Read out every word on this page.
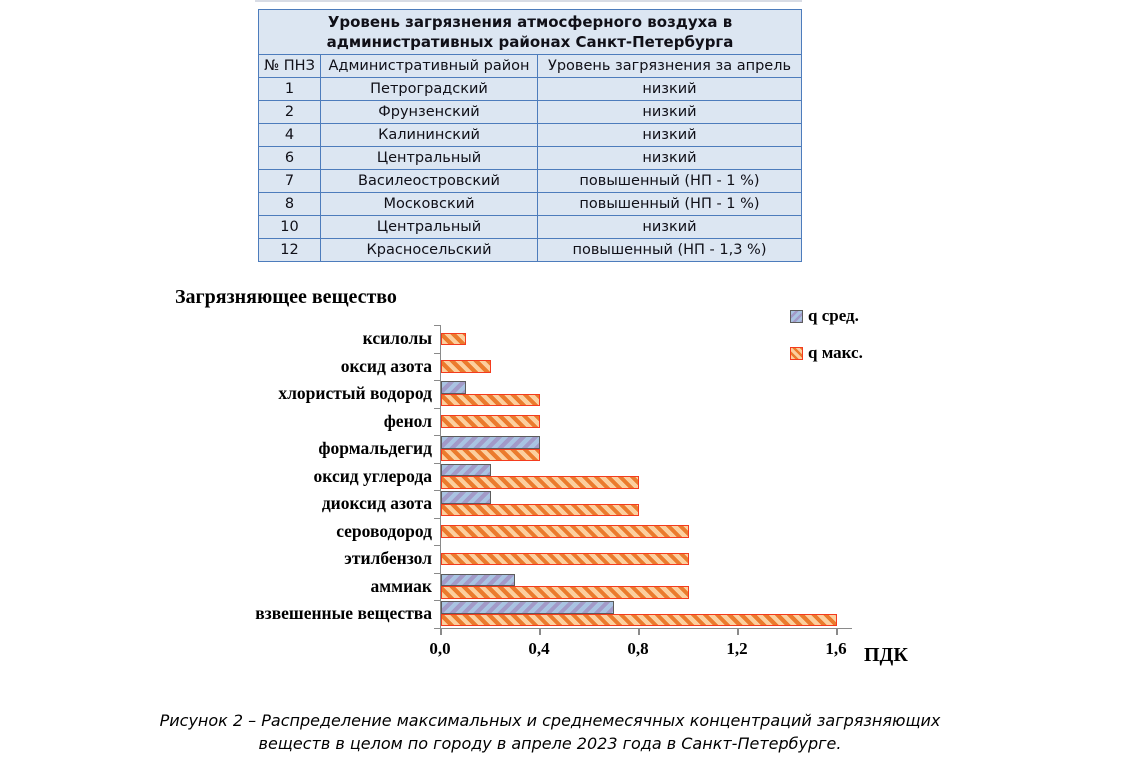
Уровень загрязнения атмосферного воздуха в
административных районах Санкт-Петербурга		
№ ПНЗ	Административный район	Уровень загрязнения за апрель
1	Петроградский	низкий
2	Фрунзенский	низкий
4	Калининский	низкий
6	Центральный	низкий
7	Василеостровский	повышенный (НП - 1 %)
8	Московский	повышенный (НП - 1 %)
10	Центральный	низкий
12	Красносельский	повышенный (НП - 1,3 %)
Загрязняющее вещество
ксилолы
оксид азота
хлористый водород
фенол
формальдегид
оксид углерода
диоксид азота
сероводород
этилбензол
аммиак
взвешенные вещества
ПДК
0,0	0,4	0,8	1,2	1,6
q сред.
q макс.
Рисунок 2 – Распределение максимальных и среднемесячных концентраций загрязняющих
веществ в целом по городу в апреле 2023 года в Санкт-Петербурге.
